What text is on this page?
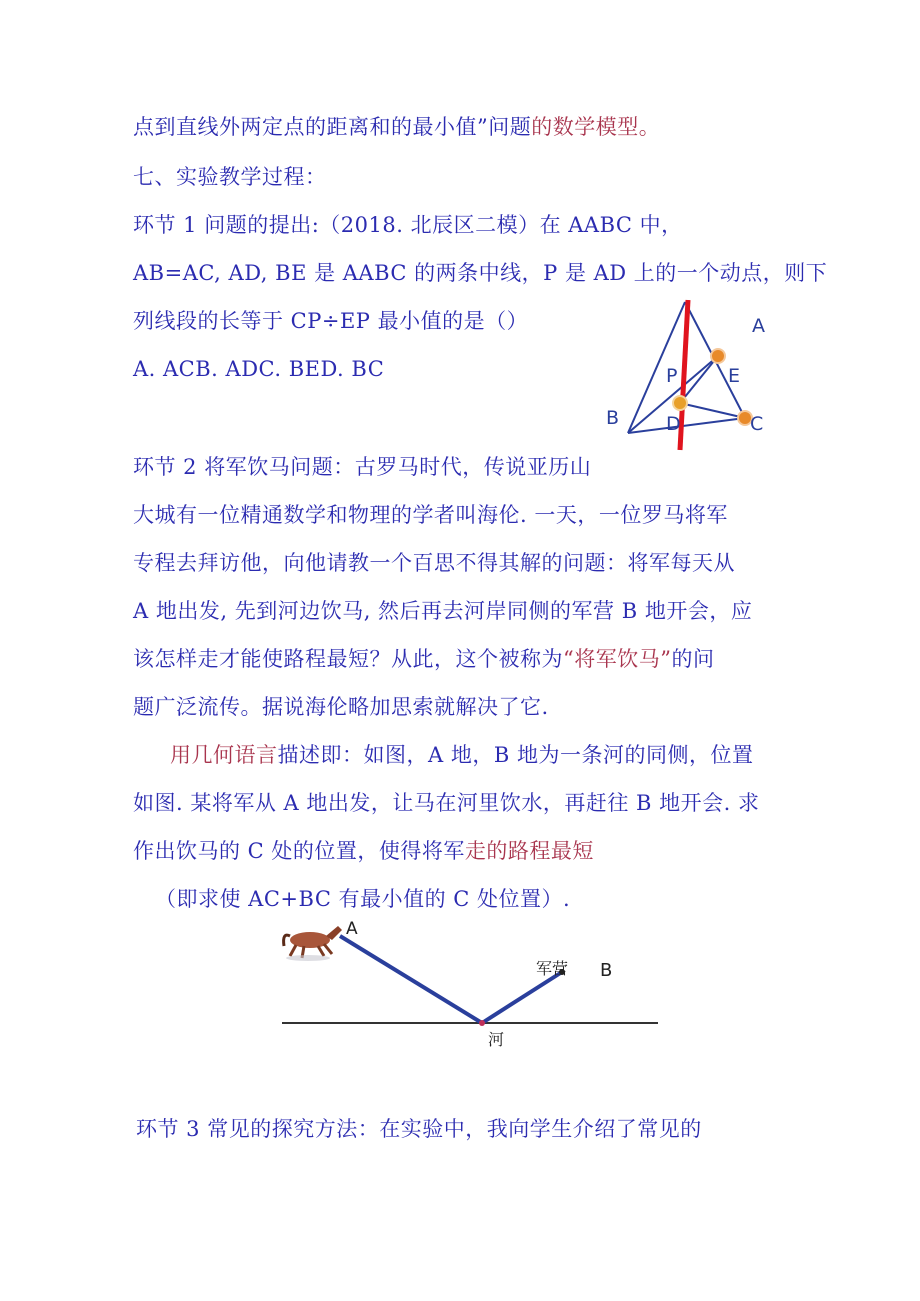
点到直线外两定点的距离和的最小值”问题的数学模型。
七、实验教学过程：
环节 1 问题的提出:（2018. 北辰区二模）在 AABC 中，
AB=AC, AD, BE 是 AABC 的两条中线，P 是 AD 上的一个动点，则下
列线段的长等于 CP÷EP 最小值的是（）
A. ACB. ADC. BED. BC
A
E
P
B D	C
环节 2 将军饮马问题：古罗马时代，传说亚历山
大城有一位精通数学和物理的学者叫海伦. 一天，一位罗马将军
专程去拜访他，向他请教一个百思不得其解的问题：将军每天从
A 地出发, 先到河边饮马, 然后再去河岸同侧的军营 B 地开会，应
该怎样走才能使路程最短？从此，这个被称为“将军饮马”的问
题广泛流传。据说海伦略加思索就解决了它.
用几何语言描述即：如图，A 地，B 地为一条河的同侧，位置
如图. 某将军从 A 地出发，让马在河里饮水，再赶往 B 地开会. 求
作出饮马的 C 处的位置，使得将军走的路程最短
（即求使 AC+BC 有最小值的 C 处位置）.
A
军营 B
河
环节 3 常见的探究方法：在实验中，我向学生介绍了常见的
